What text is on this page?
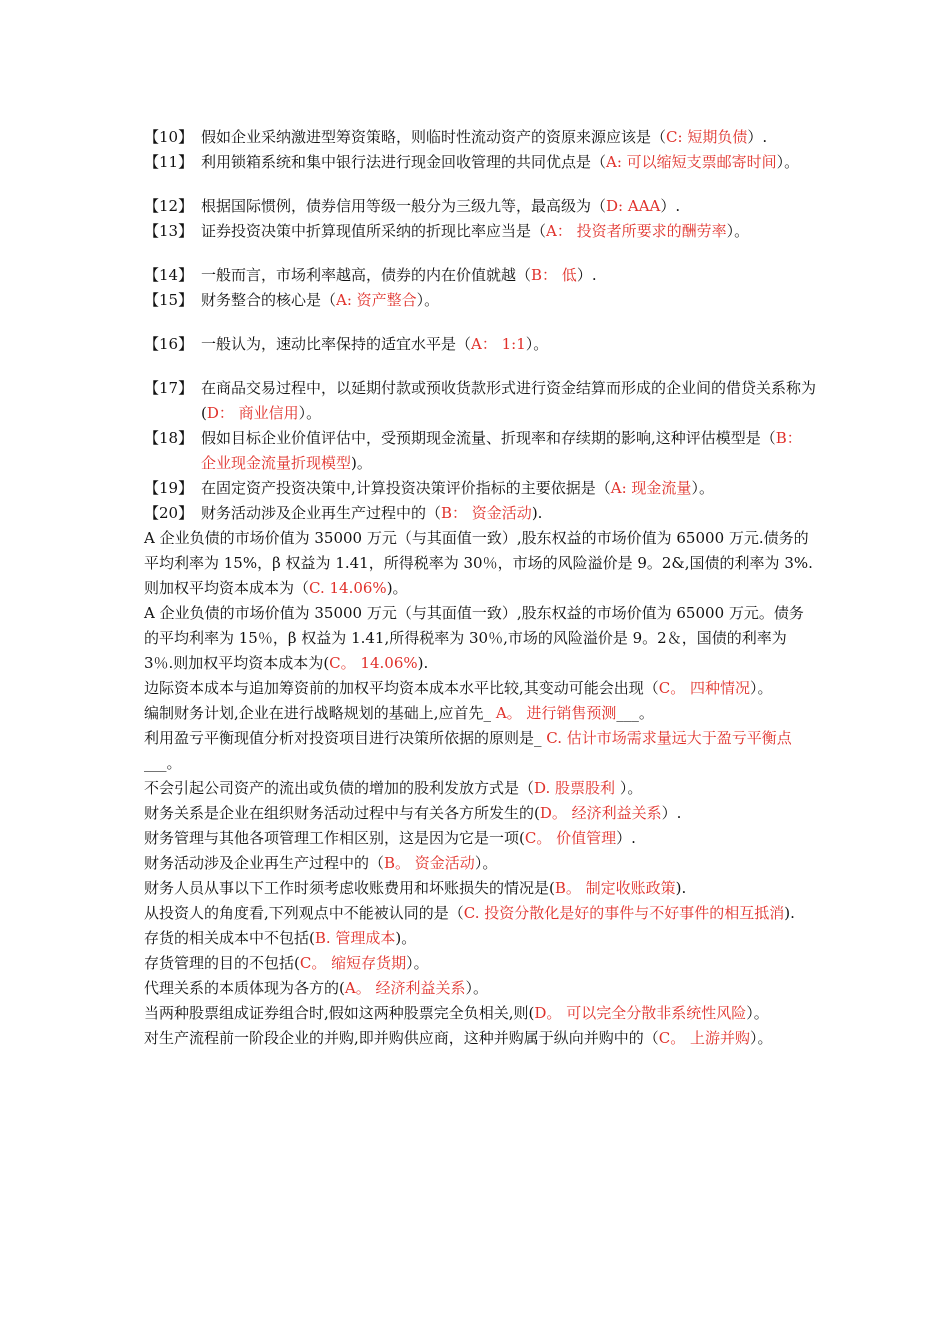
【10】 假如企业采纳激进型筹资策略，则临时性流动资产的资原来源应该是（C: 短期负债）.
【11】 利用锁箱系统和集中银行法进行现金回收管理的共同优点是（A: 可以缩短支票邮寄时间）。
【12】 根据国际惯例，债券信用等级一般分为三级九等，最高级为（D: AAA）.
【13】 证券投资决策中折算现值所采纳的折现比率应当是（A： 投资者所要求的酬劳率）。
【14】 一般而言，市场利率越高，债券的内在价值就越（B： 低）.
【15】 财务整合的核心是（A: 资产整合）。
【16】 一般认为，速动比率保持的适宜水平是（A： 1:1）。
【17】 在商品交易过程中，以延期付款或预收货款形式进行资金结算而形成的企业间的借贷关系称为(D： 商业信用）。
【18】 假如目标企业价值评估中，受预期现金流量、折现率和存续期的影响,这种评估模型是（B： 企业现金流量折现模型)。
【19】 在固定资产投资决策中,计算投资决策评价指标的主要依据是（A: 现金流量）。
【20】 财务活动涉及企业再生产过程中的（B： 资金活动).
A 企业负债的市场价值为 35000 万元（与其面值一致）,股东权益的市场价值为 65000 万元.债务的平均利率为 15%，β 权益为 1.41，所得税率为 30％，市场的风险溢价是 9。2&,国债的利率为 3%.则加权平均资本成本为（C. 14.06%)。
A 企业负债的市场价值为 35000 万元（与其面值一致）,股东权益的市场价值为 65000 万元。债务的平均利率为 15％，β 权益为 1.41,所得税率为 30％,市场的风险溢价是 9。2＆，国债的利率为 3％.则加权平均资本成本为(C。 14.06%).
边际资本成本与追加筹资前的加权平均资本成本水平比较,其变动可能会出现（C。 四种情况）。
编制财务计划,企业在进行战略规划的基础上,应首先_ A。 进行销售预测___。
利用盈亏平衡现值分析对投资项目进行决策所依据的原则是_ C. 估计市场需求量远大于盈亏平衡点___。
不会引起公司资产的流出或负债的增加的股利发放方式是（D. 股票股利 ）。
财务关系是企业在组织财务活动过程中与有关各方所发生的(D。 经济利益关系）.
财务管理与其他各项管理工作相区别，这是因为它是一项(C。 价值管理）.
财务活动涉及企业再生产过程中的（B。 资金活动）。
财务人员从事以下工作时须考虑收账费用和坏账损失的情况是(B。 制定收账政策).
从投资人的角度看,下列观点中不能被认同的是（C. 投资分散化是好的事件与不好事件的相互抵消).
存货的相关成本中不包括(B. 管理成本)。
存货管理的目的不包括(C。 缩短存货期）。
代理关系的本质体现为各方的(A。 经济利益关系）。
当两种股票组成证券组合时,假如这两种股票完全负相关,则(D。 可以完全分散非系统性风险）。
对生产流程前一阶段企业的并购,即并购供应商，这种并购属于纵向并购中的（C。 上游并购）。
